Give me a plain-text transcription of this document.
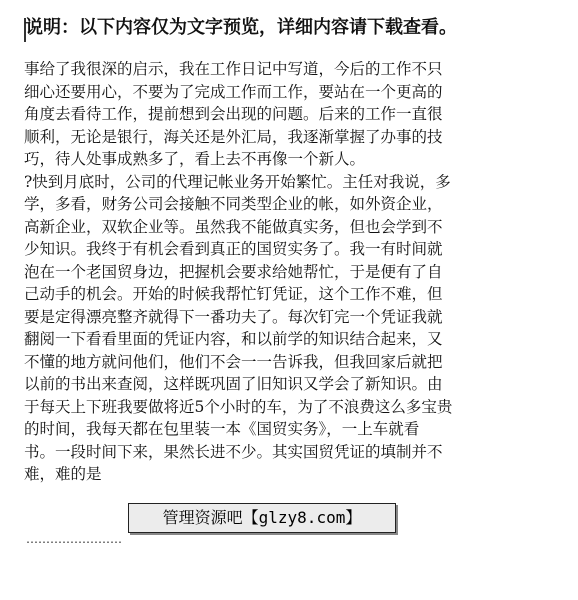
说明：以下内容仅为文字预览，详细内容请下载查看。
事给了我很深的启示，我在工作日记中写道，今后的工作不只
细心还要用心，不要为了完成工作而工作，要站在一个更高的
角度去看待工作，提前想到会出现的问题。后来的工作一直很
顺利，无论是银行，海关还是外汇局，我逐渐掌握了办事的技
巧，待人处事成熟多了，看上去不再像一个新人。
?快到月底时，公司的代理记帐业务开始繁忙。主任对我说，多
学，多看，财务公司会接触不同类型企业的帐，如外资企业，
高新企业，双软企业等。虽然我不能做真实务，但也会学到不
少知识。我终于有机会看到真正的国贸实务了。我一有时间就
泡在一个老国贸身边，把握机会要求给她帮忙，于是便有了自
己动手的机会。开始的时候我帮忙钉凭证，这个工作不难，但
要是定得漂亮整齐就得下一番功夫了。每次钉完一个凭证我就
翻阅一下看看里面的凭证内容，和以前学的知识结合起来，又
不懂的地方就问他们，他们不会一一告诉我，但我回家后就把
以前的书出来查阅，这样既巩固了旧知识又学会了新知识。由
于每天上下班我要做将近5个小时的车，为了不浪费这么多宝贵
的时间，我每天都在包里装一本《国贸实务》，一上车就看
书。一段时间下来，果然长进不少。其实国贸凭证的填制并不
难，难的是
管理资源吧【glzy8.com】
……………………
